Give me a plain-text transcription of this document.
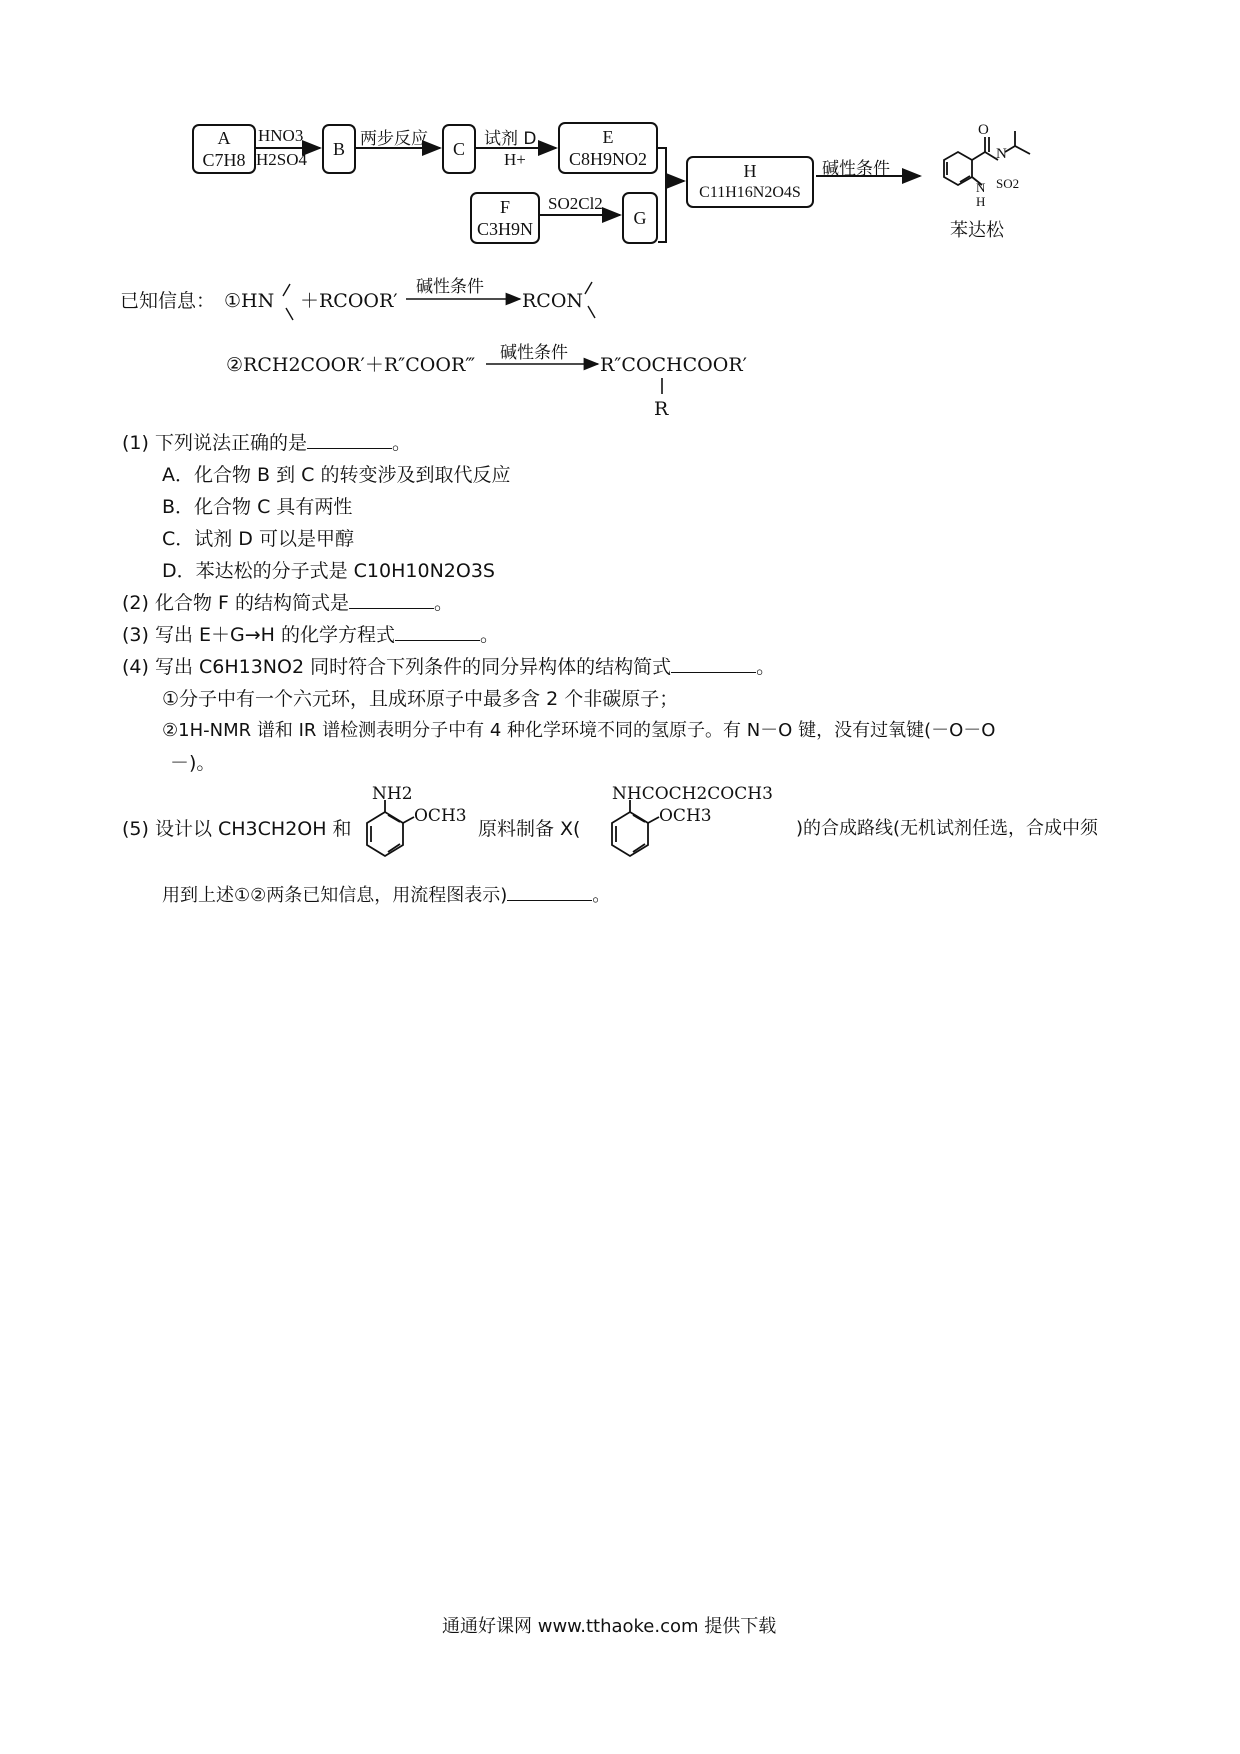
A
C7H8
HNO3
H2SO4
B 两步反应 C 试剂 D
H+
E
C8H9NO2
F
C3H9N
SO2Cl2
G
H
C11H16N2O4S
碱性条件
O
N
SO2
N
H
苯达松
已知信息： ①HN ＋RCOOR′
碱性条件
RCON
②RCH2COOR′＋R″COOR‴
碱性条件
R″COCHCOOR′
R
(1) 下列说法正确的是	。
A．化合物 B 到 C 的转变涉及到取代反应
B．化合物 C 具有两性
C．试剂 D 可以是甲醇
D．苯达松的分子式是 C10H10N2O3S
(2) 化合物 F 的结构简式是	。
(3) 写出 E＋G→H 的化学方程式	。
(4) 写出 C6H13NO2 同时符合下列条件的同分异构体的结构简式	。
①分子中有一个六元环，且成环原子中最多含 2 个非碳原子；
②1H-NMR 谱和 IR 谱检测表明分子中有 4 种化学环境不同的氢原子。有 N－O 键，没有过氧键(－O－O
－)。
(5) 设计以 CH3CH2OH 和
NH2
OCH3
原料制备 X(
NHCOCH2COCH3
OCH3
)的合成路线(无机试剂任选，合成中须
用到上述①②两条已知信息，用流程图表示)	。
通通好课网 www.tthaoke.com 提供下载
